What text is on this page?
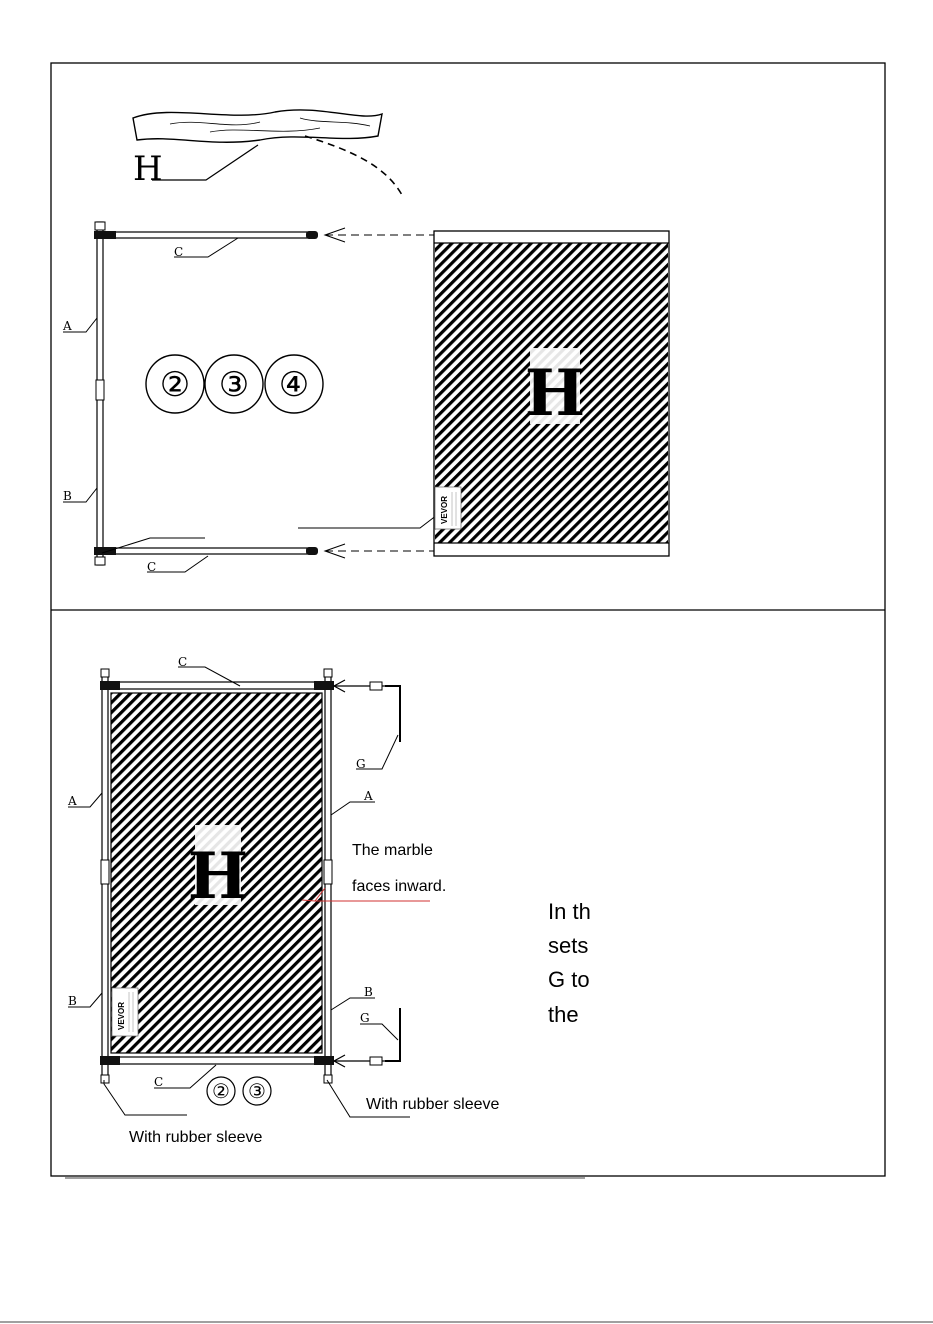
H
C
A
B
C
② ③ ④	H
VEVOR
H
C
G
A	A
B
B
G
C ② ③
VEVOR
The marble
faces inward.
With rubber sleeve
With rubber sleeve
In th
sets
G to
the
